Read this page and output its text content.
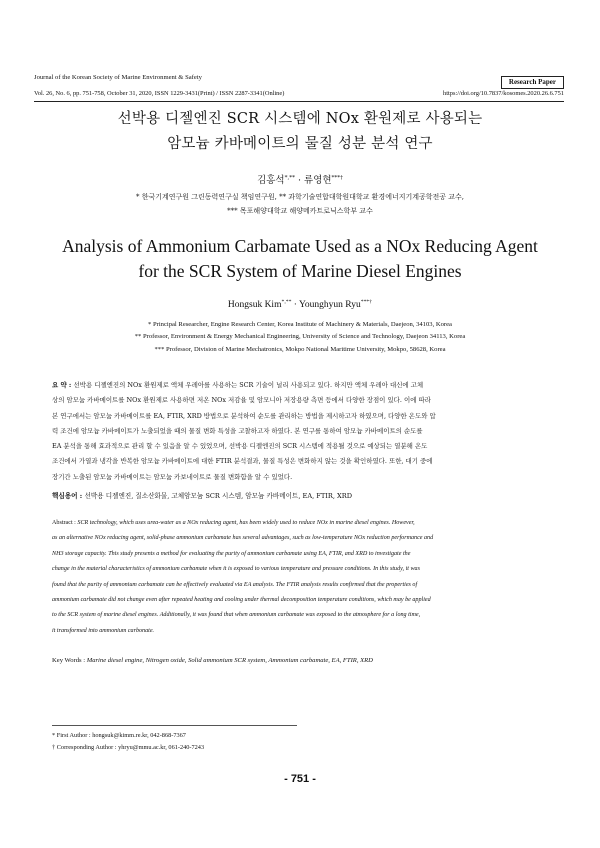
Journal of the Korean Society of Marine Environment & Safety
Research Paper
Vol. 26, No. 6, pp. 751-758, October 31, 2020, ISSN 1229-3431(Print) / ISSN 2287-3341(Online)	https://doi.org/10.7837/kosomes.2020.26.6.751
선박용 디젤엔진 SCR 시스템에 NOx 환원제로 사용되는
암모늄 카바메이트의 물질 성분 분석 연구
김홍석*,** · 류영현***†
* 한국기계연구원 그린동력연구실 책임연구원, ** 과학기술연합대학원대학교 환경에너지기계공학전공 교수,
*** 목포해양대학교 해양메카트로닉스학부 교수
Analysis of Ammonium Carbamate Used as a NOx Reducing Agent
for the SCR System of Marine Diesel Engines
Hongsuk Kim*,** · Younghyun Ryu***†
* Principal Researcher, Engine Research Center, Korea Institute of Machinery & Materials, Daejeon, 34103, Korea
** Professor, Environment & Energy Mechanical Engineering, University of Science and Technology, Daejeon 34113, Korea
*** Professor, Division of Marine Mechatronics, Mokpo National Maritime University, Mokpo, 58628, Korea
요 약 : 선박용 디젤엔진의 NOx 환원제로 액체 우레아를 사용하는 SCR 기술이 널리 사용되고 있다. 하지만 액체 우레아 대신에 고체
상의 암모늄 카바메이트를 NOx 환원제로 사용하면 저온 NOx 저감율 및 암모니아 저장용량 측면 등에서 다양한 장점이 있다. 이에 따라
본 연구에서는 암모늄 카바메이트를 EA, FTIR, XRD 방법으로 분석하여 순도를 관리하는 방법을 제시하고자 하였으며, 다양한 온도와 압
력 조건에 암모늄 카바메이트가 노출되었을 때의 물질 변화 특성을 고찰하고자 하였다. 본 연구를 통하여 암모늄 카바메이트의 순도를
EA 분석을 통해 효과적으로 관리 할 수 있음을 알 수 있었으며, 선박용 디젤엔진의 SCR 시스템에 적용될 것으로 예상되는 열분해 온도
조건에서 가열과 냉각을 반복한 암모늄 카바메이트에 대한 FTIR 분석결과, 물질 특성은 변화하지 않는 것을 확인하였다. 또한, 대기 중에
장기간 노출된 암모늄 카바메이트는 암모늄 카보네이트로 물질 변화함을 알 수 있었다.
핵심용어 : 선박용 디젤엔진, 질소산화물, 고체암모늄 SCR 시스템, 암모늄 카바메이트, EA, FTIR, XRD
Abstract : SCR technology, which uses urea-water as a NOx reducing agent, has been widely used to reduce NOx in marine diesel engines. However,
as an alternative NOx reducing agent, solid-phase ammonium carbamate has several advantages, such as low-temperature NOx reduction performance and
NH3 storage capacity. This study presents a method for evaluating the purity of ammonium carbamate using EA, FTIR, and XRD to investigate the
change in the material characteristics of ammonium carbamate when it is exposed to various temperature and pressure conditions. In this study, it was
found that the purity of ammonium carbamate can be effectively evaluated via EA analysis. The FTIR analysis results confirmed that the properties of
ammonium carbamate did not change even after repeated heating and cooling under thermal decomposition temperature conditions, which may be applied
to the SCR system of marine diesel engines. Additionally, it was found that when ammonium carbamate was exposed to the atmosphere for a long time,
it transformed into ammonium carbonate.
Key Words : Marine diesel engine, Nitrogen oxide, Solid ammonium SCR system, Ammonium carbamate, EA, FTIR, XRD
* First Author : hongsuk@kimm.re.kr, 042-868-7367
† Corresponding Author : yhryu@mmu.ac.kr, 061-240-7243
- 751 -
